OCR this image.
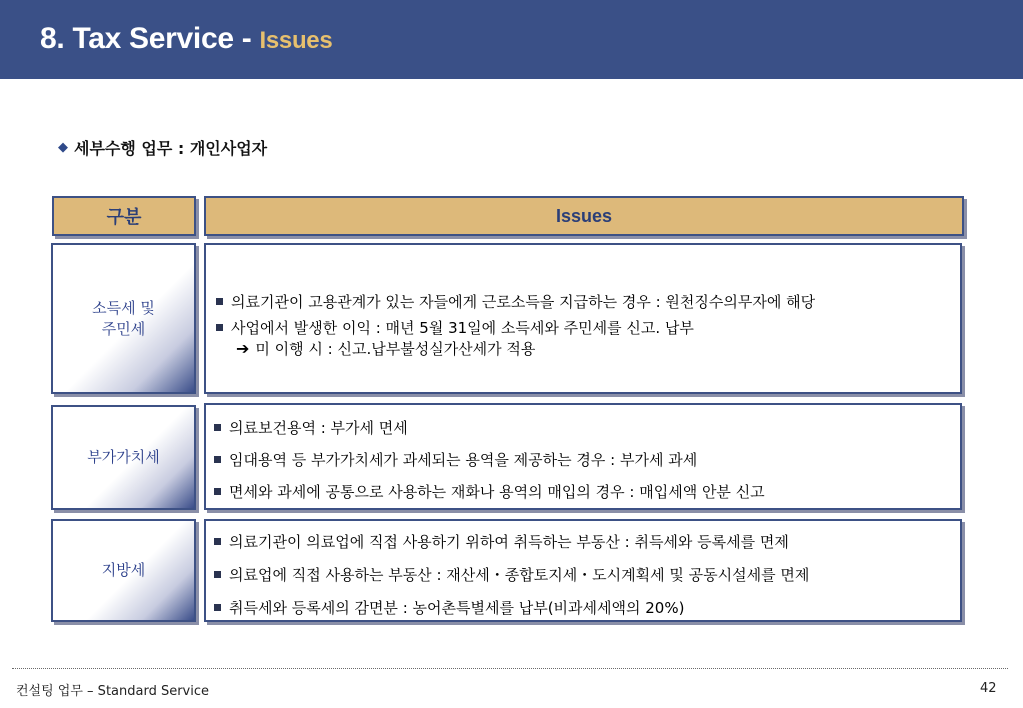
8. Tax Service - Issues
◆ 세부수행 업무 : 개인사업자
구분	Issues
소득세 및
주민세
의료기관이 고용관계가 있는 자들에게 근로소득을 지급하는 경우 : 원천징수의무자에 해당
사업에서 발생한 이익 : 매년 5월 31일에 소득세와 주민세를 신고. 납부
➔ 미 이행 시 : 신고.납부불성실가산세가 적용
부가가치세
의료보건용역 : 부가세 면세
임대용역 등 부가가치세가 과세되는 용역을 제공하는 경우 : 부가세 과세
면세와 과세에 공통으로 사용하는 재화나 용역의 매입의 경우 : 매입세액 안분 신고
지방세
의료기관이 의료업에 직접 사용하기 위하여 취득하는 부동산 : 취득세와 등록세를 면제
의료업에 직접 사용하는 부동산 : 재산세・종합토지세・도시계획세 및 공동시설세를 면제
취득세와 등록세의 감면분 : 농어촌특별세를 납부(비과세세액의 20%)
컨설팅 업무 – Standard Service	42
